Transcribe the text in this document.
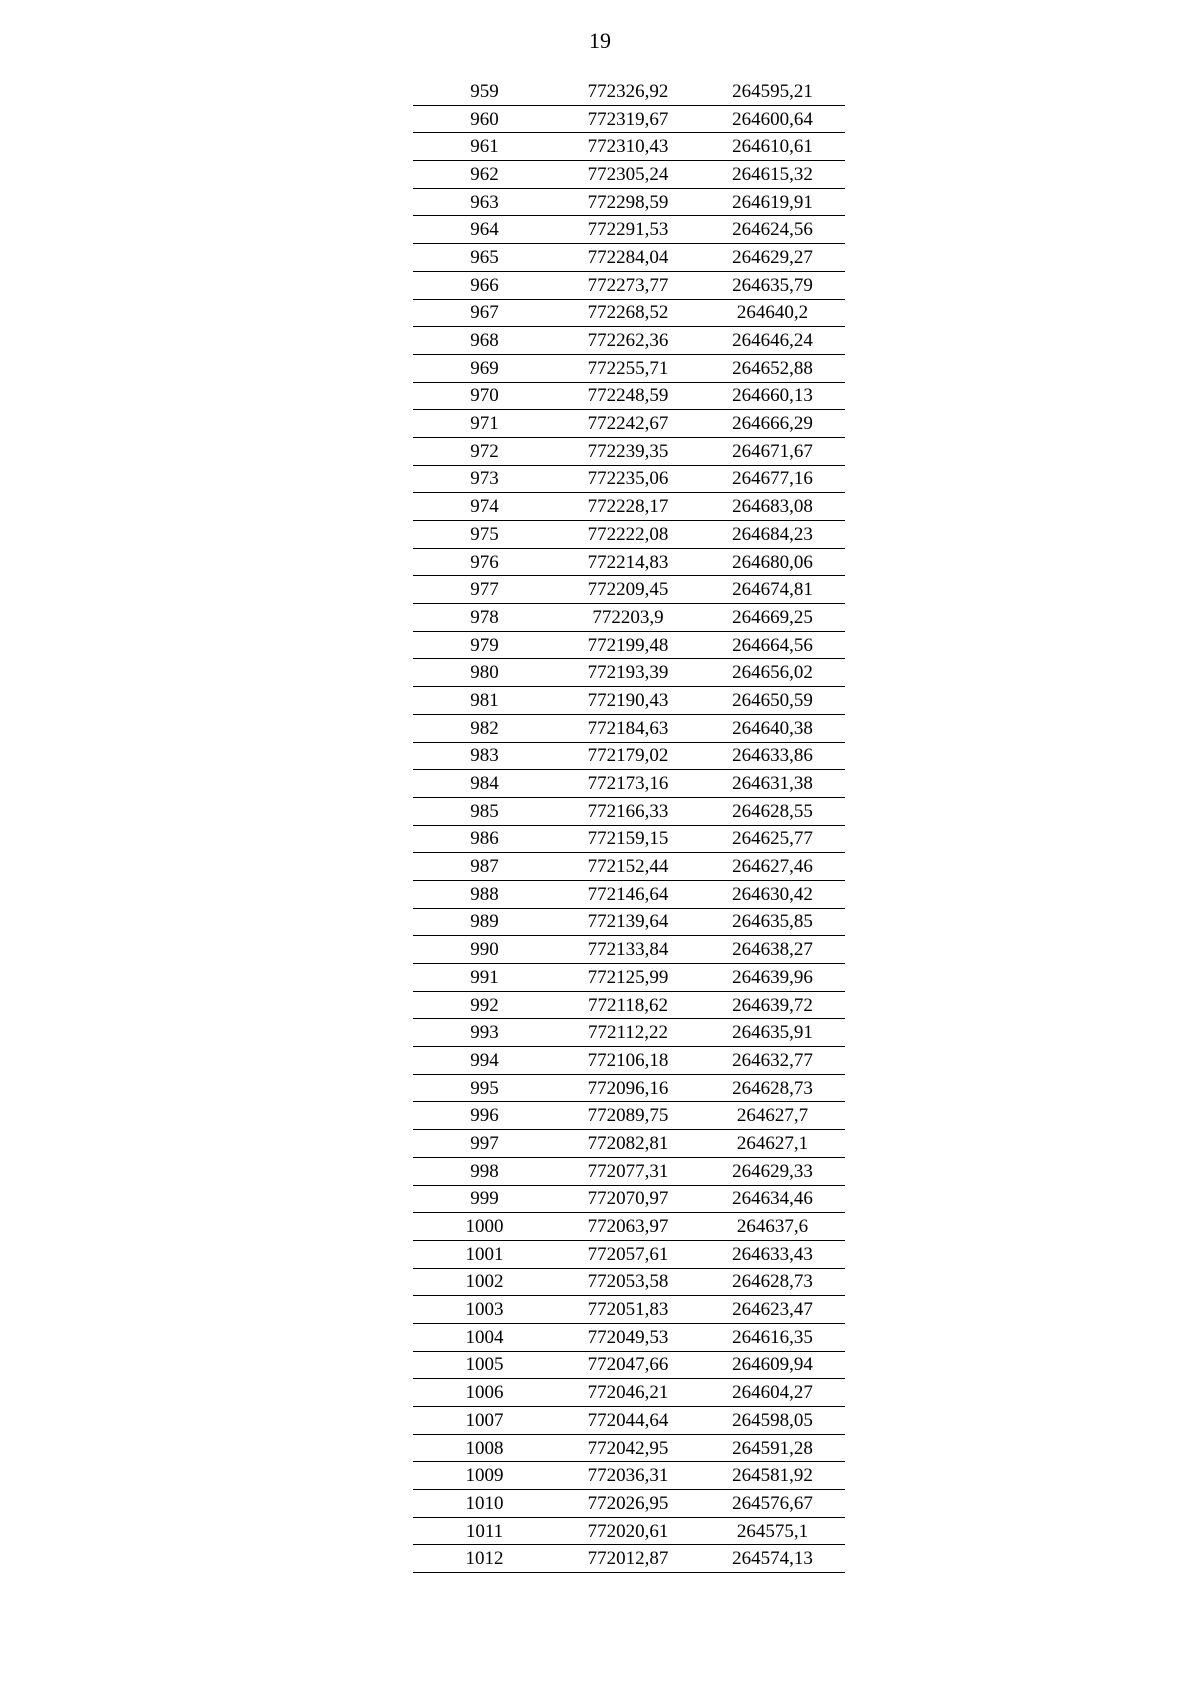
19
959	772326,92	264595,21
960	772319,67	264600,64
961	772310,43	264610,61
962	772305,24	264615,32
963	772298,59	264619,91
964	772291,53	264624,56
965	772284,04	264629,27
966	772273,77	264635,79
967	772268,52	264640,2
968	772262,36	264646,24
969	772255,71	264652,88
970	772248,59	264660,13
971	772242,67	264666,29
972	772239,35	264671,67
973	772235,06	264677,16
974	772228,17	264683,08
975	772222,08	264684,23
976	772214,83	264680,06
977	772209,45	264674,81
978	772203,9	264669,25
979	772199,48	264664,56
980	772193,39	264656,02
981	772190,43	264650,59
982	772184,63	264640,38
983	772179,02	264633,86
984	772173,16	264631,38
985	772166,33	264628,55
986	772159,15	264625,77
987	772152,44	264627,46
988	772146,64	264630,42
989	772139,64	264635,85
990	772133,84	264638,27
991	772125,99	264639,96
992	772118,62	264639,72
993	772112,22	264635,91
994	772106,18	264632,77
995	772096,16	264628,73
996	772089,75	264627,7
997	772082,81	264627,1
998	772077,31	264629,33
999	772070,97	264634,46
1000	772063,97	264637,6
1001	772057,61	264633,43
1002	772053,58	264628,73
1003	772051,83	264623,47
1004	772049,53	264616,35
1005	772047,66	264609,94
1006	772046,21	264604,27
1007	772044,64	264598,05
1008	772042,95	264591,28
1009	772036,31	264581,92
1010	772026,95	264576,67
1011	772020,61	264575,1
1012	772012,87	264574,13
